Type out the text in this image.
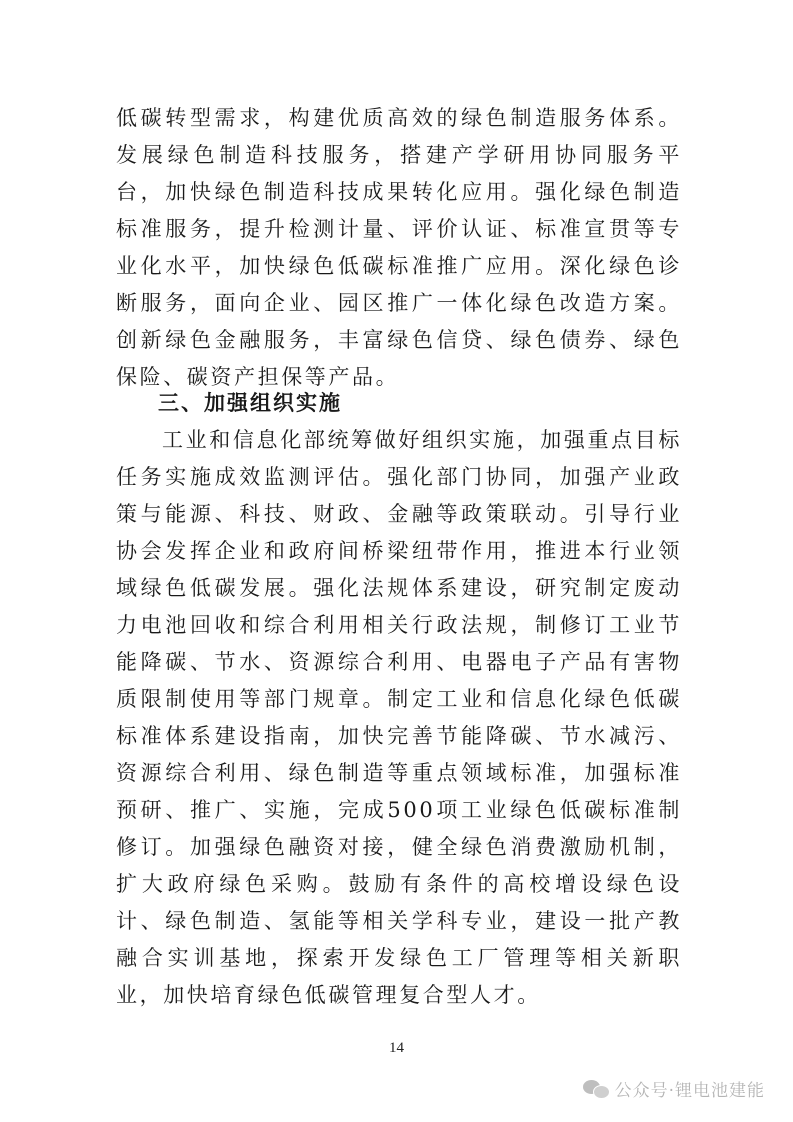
低碳转型需求，构建优质高效的绿色制造服务体系。发展绿色制造科技服务，搭建产学研用协同服务平台，加快绿色制造科技成果转化应用。强化绿色制造标准服务，提升检测计量、评价认证、标准宣贯等专业化水平，加快绿色低碳标准推广应用。深化绿色诊断服务，面向企业、园区推广一体化绿色改造方案。创新绿色金融服务，丰富绿色信贷、绿色债券、绿色保险、碳资产担保等产品。
三、加强组织实施
工业和信息化部统筹做好组织实施，加强重点目标任务实施成效监测评估。强化部门协同，加强产业政策与能源、科技、财政、金融等政策联动。引导行业协会发挥企业和政府间桥梁纽带作用，推进本行业领域绿色低碳发展。强化法规体系建设，研究制定废动力电池回收和综合利用相关行政法规，制修订工业节能降碳、节水、资源综合利用、电器电子产品有害物质限制使用等部门规章。制定工业和信息化绿色低碳标准体系建设指南，加快完善节能降碳、节水减污、资源综合利用、绿色制造等重点领域标准，加强标准预研、推广、实施，完成500项工业绿色低碳标准制修订。加强绿色融资对接，健全绿色消费激励机制，扩大政府绿色采购。鼓励有条件的高校增设绿色设计、绿色制造、氢能等相关学科专业，建设一批产教融合实训基地，探索开发绿色工厂管理等相关新职业，加快培育绿色低碳管理复合型人才。
14
公众号·锂电池建能
